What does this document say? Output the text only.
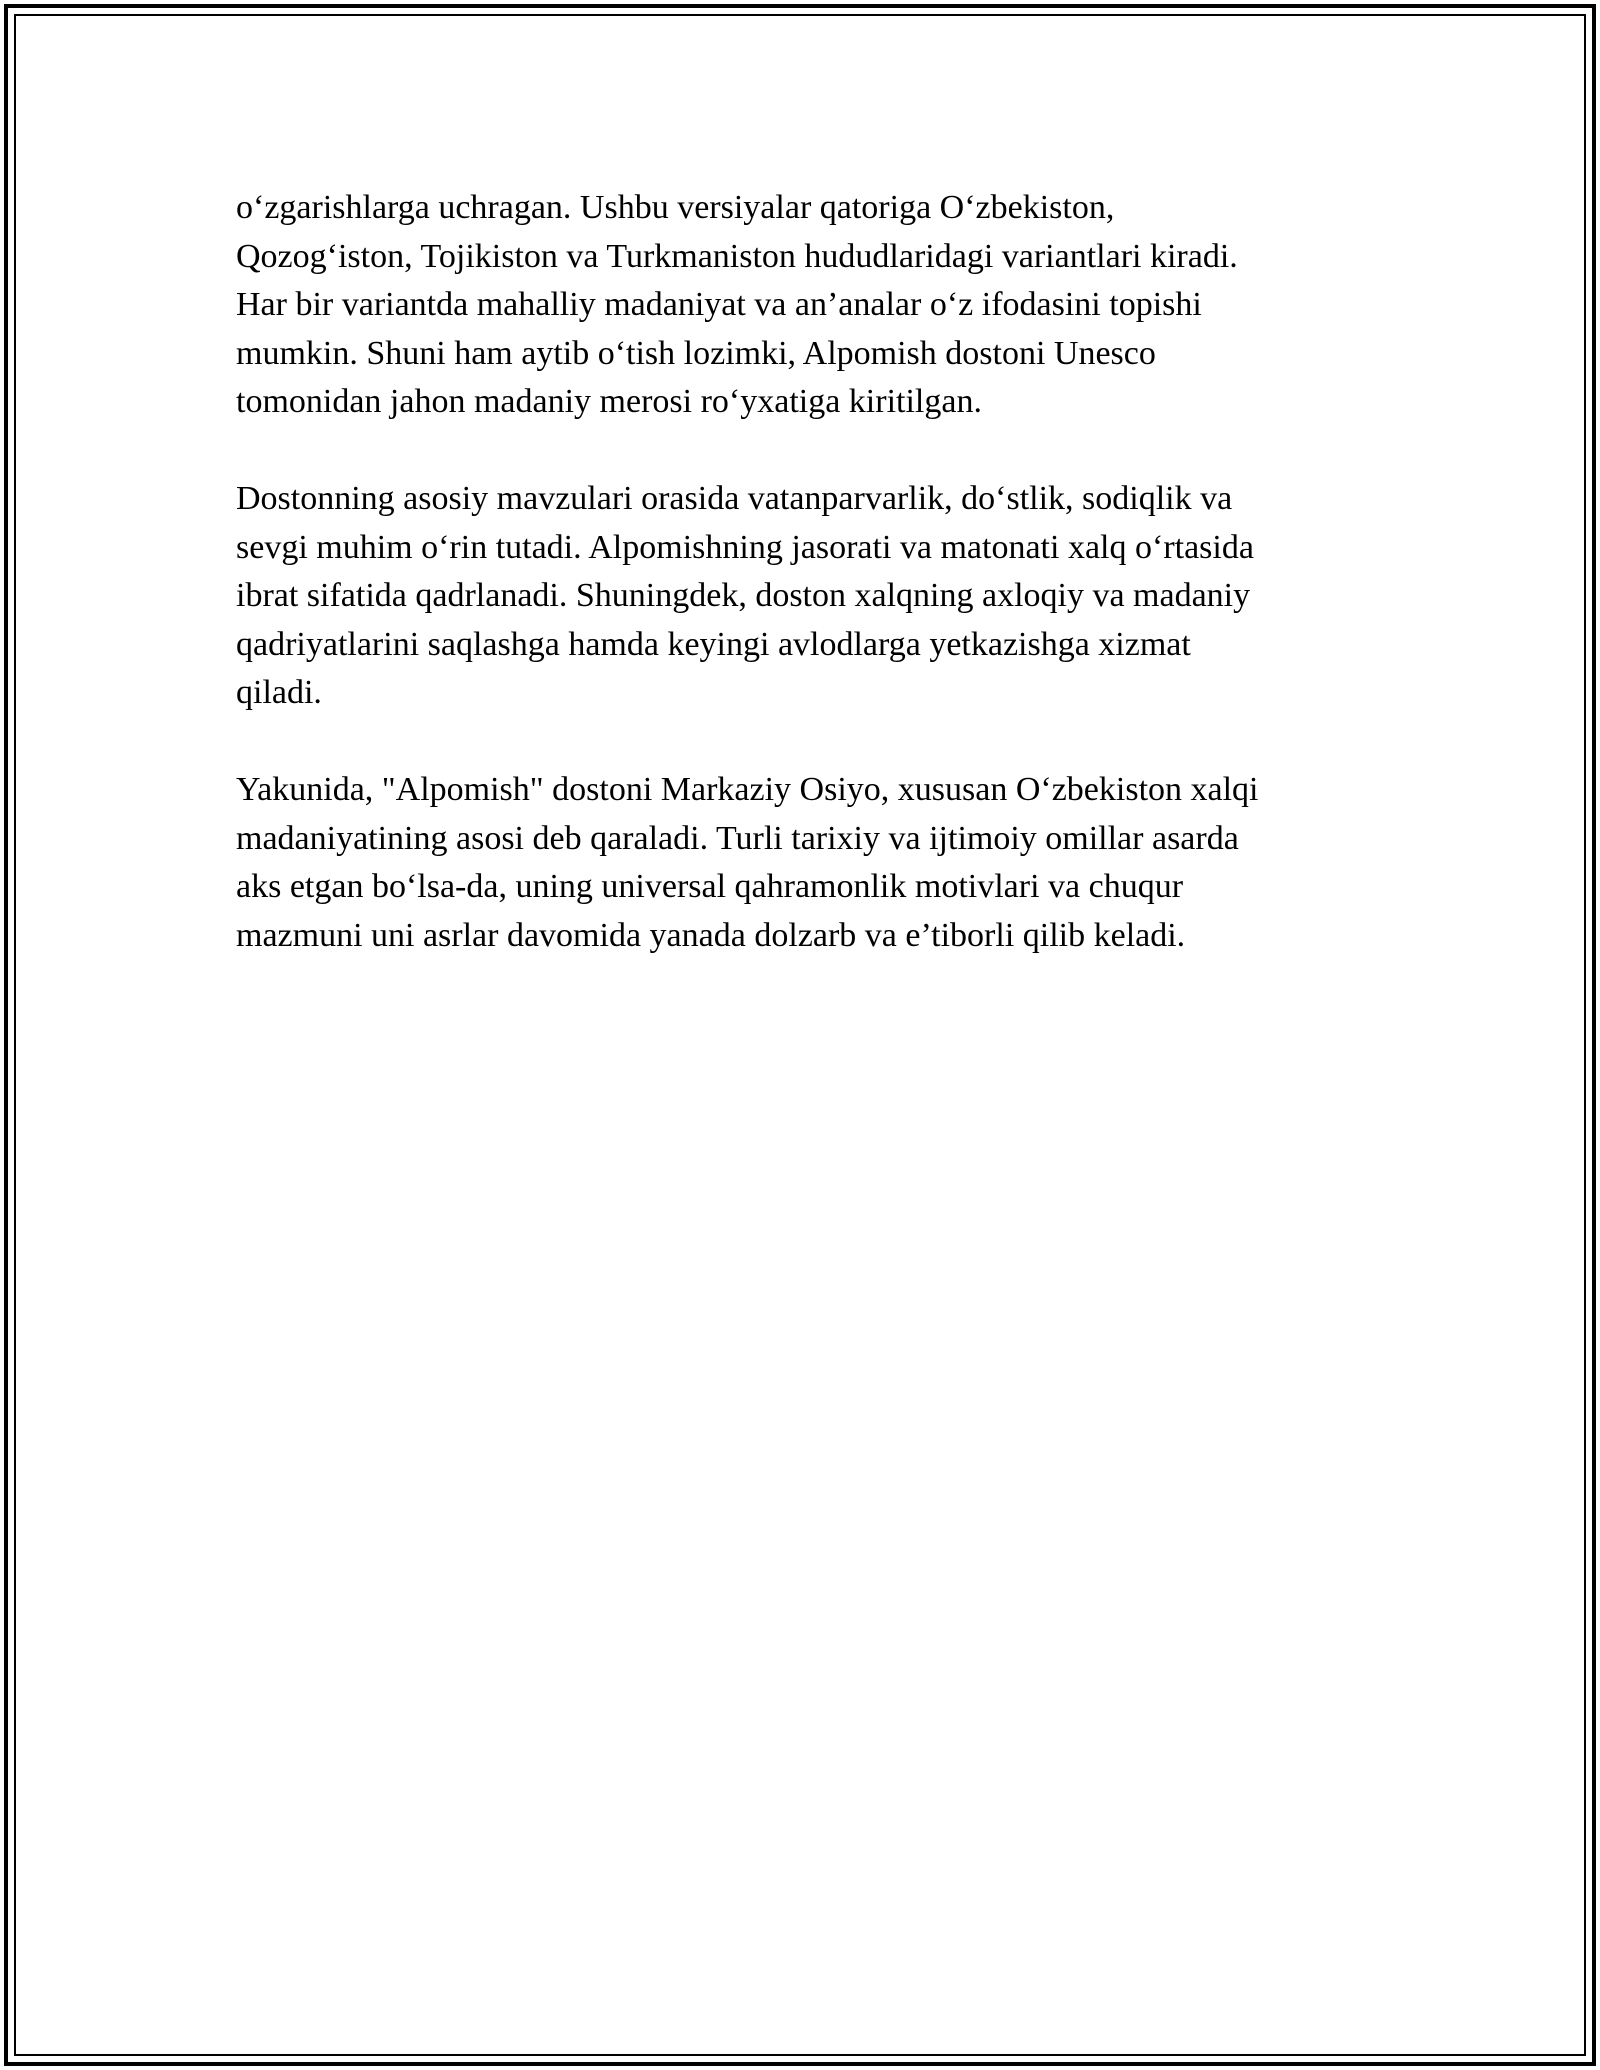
o‘zgarishlarga uchragan. Ushbu versiyalar qatoriga O‘zbekiston,
Qozog‘iston, Tojikiston va Turkmaniston hududlaridagi variantlari kiradi.
Har bir variantda mahalliy madaniyat va an’analar o‘z ifodasini topishi
mumkin. Shuni ham aytib o‘tish lozimki, Alpomish dostoni Unesco
tomonidan jahon madaniy merosi ro‘yxatiga kiritilgan.

Dostonning asosiy mavzulari orasida vatanparvarlik, do‘stlik, sodiqlik va
sevgi muhim o‘rin tutadi. Alpomishning jasorati va matonati xalq o‘rtasida
ibrat sifatida qadrlanadi. Shuningdek, doston xalqning axloqiy va madaniy
qadriyatlarini saqlashga hamda keyingi avlodlarga yetkazishga xizmat
qiladi.

Yakunida, "Alpomish" dostoni Markaziy Osiyo, xususan O‘zbekiston xalqi
madaniyatining asosi deb qaraladi. Turli tarixiy va ijtimoiy omillar asarda
aks etgan bo‘lsa-da, uning universal qahramonlik motivlari va chuqur
mazmuni uni asrlar davomida yanada dolzarb va e’tiborli qilib keladi.
